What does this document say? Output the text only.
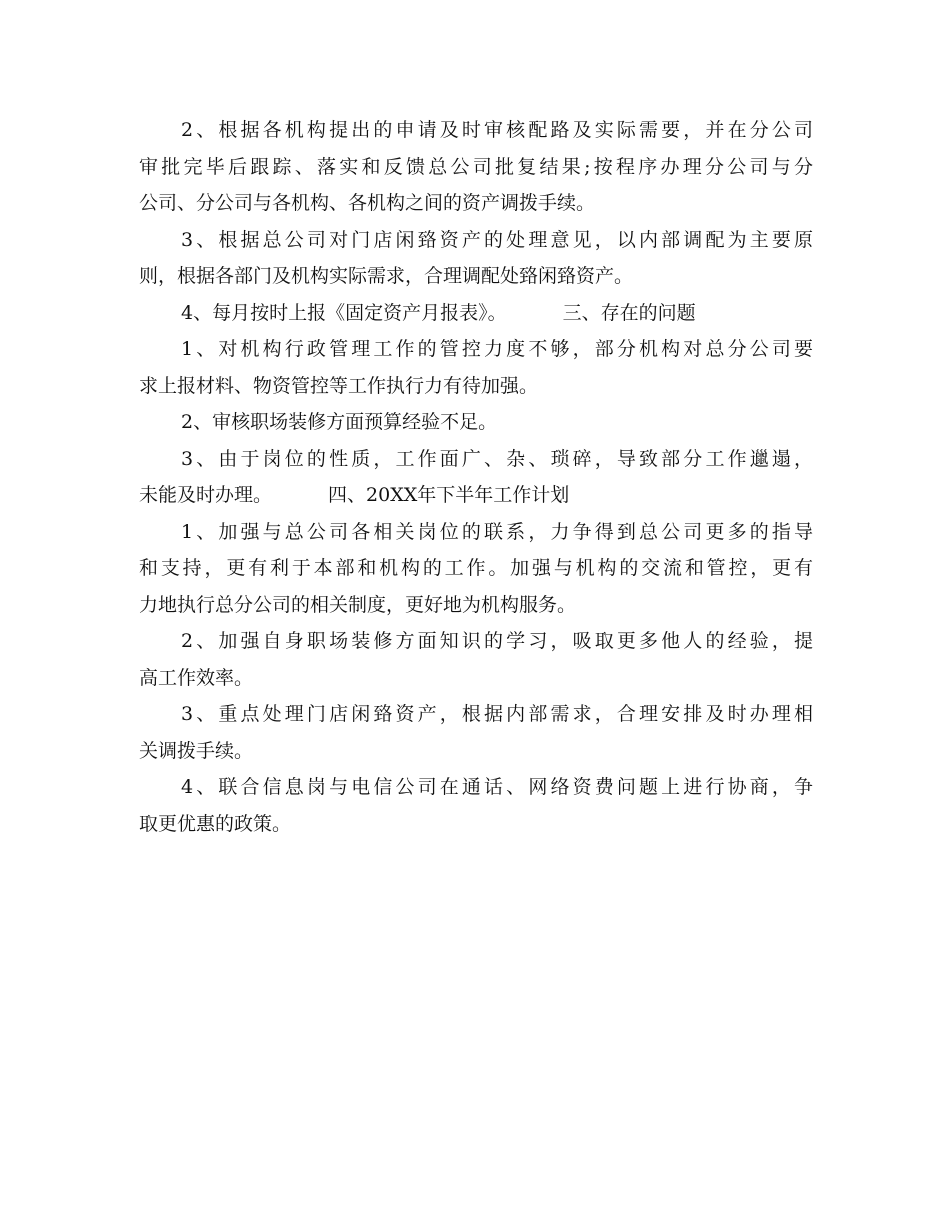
2、根据各机构提出的申请及时审核配路及实际需要，并在分公司
审批完毕后跟踪、落实和反馈总公司批复结果;按程序办理分公司与分
公司、分公司与各机构、各机构之间的资产调拨手续。
3、根据总公司对门店闲臵资产的处理意见，以内部调配为主要原
则，根据各部门及机构实际需求，合理调配处臵闲臵资产。
4、每月按时上报《固定资产月报表》。	三、存在的问题
1、对机构行政管理工作的管控力度不够，部分机构对总分公司要
求上报材料、物资管控等工作执行力有待加强。
2、审核职场装修方面预算经验不足。
3、由于岗位的性质，工作面广、杂、琐碎，导致部分工作邋遢，
未能及时办理。	四、20XX年下半年工作计划
1、加强与总公司各相关岗位的联系，力争得到总公司更多的指导
和支持，更有利于本部和机构的工作。加强与机构的交流和管控，更有
力地执行总分公司的相关制度，更好地为机构服务。
2、加强自身职场装修方面知识的学习，吸取更多他人的经验，提
高工作效率。
3、重点处理门店闲臵资产，根据内部需求，合理安排及时办理相
关调拨手续。
4、联合信息岗与电信公司在通话、网络资费问题上进行协商，争
取更优惠的政策。
